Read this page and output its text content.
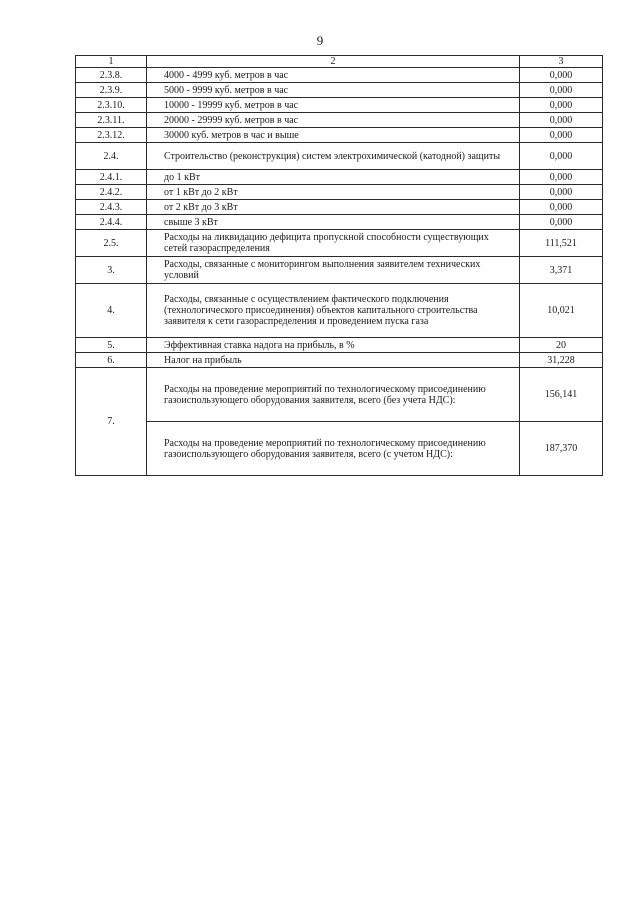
9
1	2	3
2.3.8.	4000 - 4999 куб. метров в час	0,000
2.3.9.	5000 - 9999 куб. метров в час	0,000
2.3.10.	10000 - 19999 куб. метров в час	0,000
2.3.11.	20000 - 29999 куб. метров в час	0,000
2.3.12.	30000 куб. метров в час и выше	0,000
2.4.	Строительство (реконструкция) систем электрохимической (катодной) защиты	0,000
2.4.1.	до 1 кВт	0,000
2.4.2.	от 1 кВт до 2 кВт	0,000
2.4.3.	от 2 кВт до 3 кВт	0,000
2.4.4.	свыше 3 кВт	0,000
2.5.	Расходы на ликвидацию дефицита пропускной способности существующих сетей газораспределения	111,521
3.	Расходы, связанные с мониторингом выполнения заявителем технических условий	3,371
4.	Расходы, связанные с осуществлением фактического подключения (технологического присоединения) объектов капитального строительства заявителя к сети газораспределения и проведением пуска газа	10,021
5.	Эффективная ставка надога на прибыль, в %	20
6.	Налог на прибыль	31,228
7.	Расходы на проведение мероприятий по технологическому присоединению газоиспользующего оборудования заявителя, всего (без учета НДС):	156,141
	Расходы на проведение мероприятий по технологическому присоединению газоиспользующего оборудования заявителя, всего (с учетом НДС):	187,370
